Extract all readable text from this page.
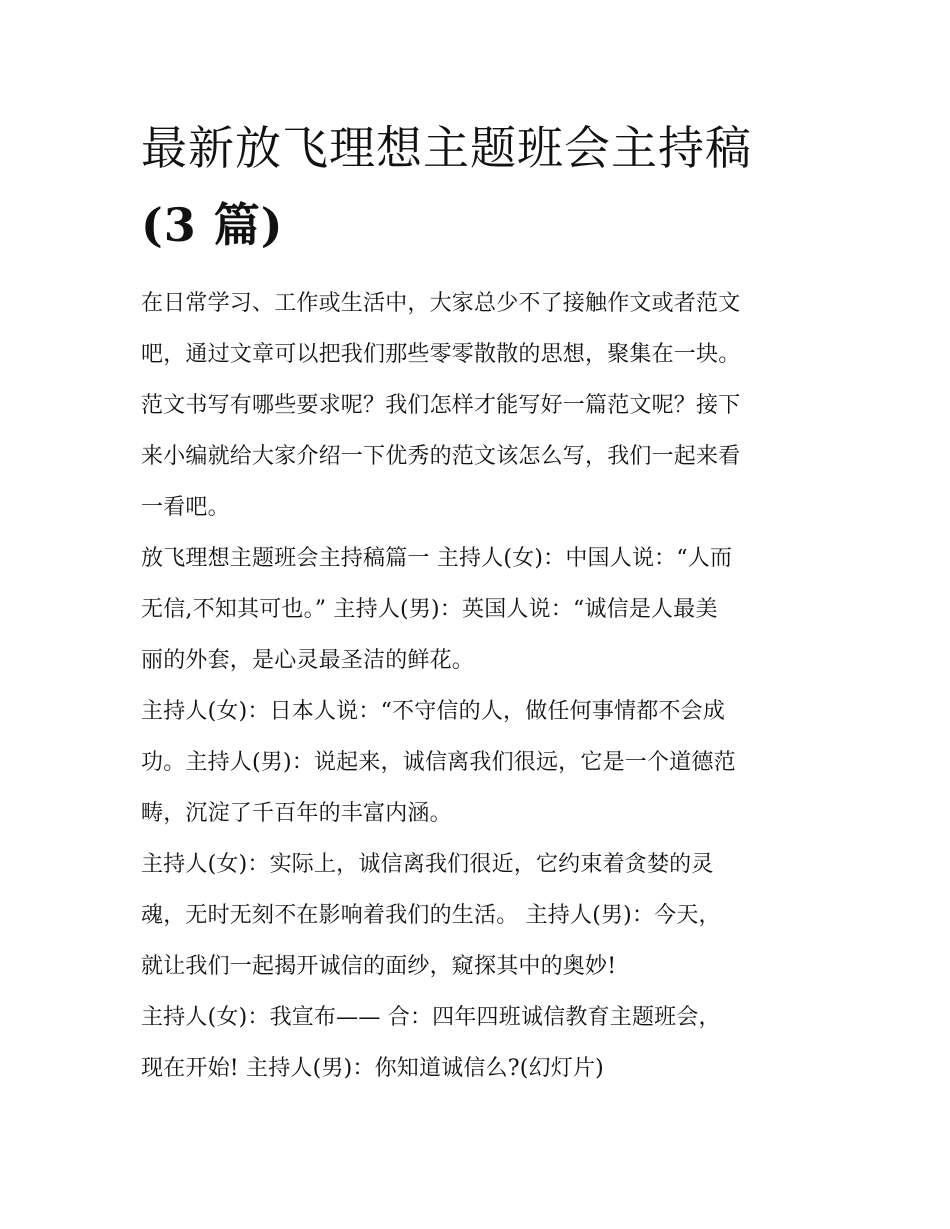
最新放飞理想主题班会主持稿
(3 篇)

在日常学习、工作或生活中，大家总少不了接触作文或者范文
吧，通过文章可以把我们那些零零散散的思想，聚集在一块。
范文书写有哪些要求呢？我们怎样才能写好一篇范文呢？接下
来小编就给大家介绍一下优秀的范文该怎么写，我们一起来看
一看吧。

放飞理想主题班会主持稿篇一 主持人(女)：中国人说：“人而
无信,不知其可也。” 主持人(男)：英国人说：“诚信是人最美
丽的外套，是心灵最圣洁的鲜花。

主持人(女)：日本人说：“不守信的人，做任何事情都不会成
功。主持人(男)：说起来，诚信离我们很远，它是一个道德范
畴，沉淀了千百年的丰富内涵。

主持人(女)：实际上，诚信离我们很近，它约束着贪婪的灵
魂，无时无刻不在影响着我们的生活。 主持人(男)：今天，
就让我们一起揭开诚信的面纱，窥探其中的奥妙!

主持人(女)：我宣布—— 合：四年四班诚信教育主题班会，
现在开始! 主持人(男)：你知道诚信么?(幻灯片)
